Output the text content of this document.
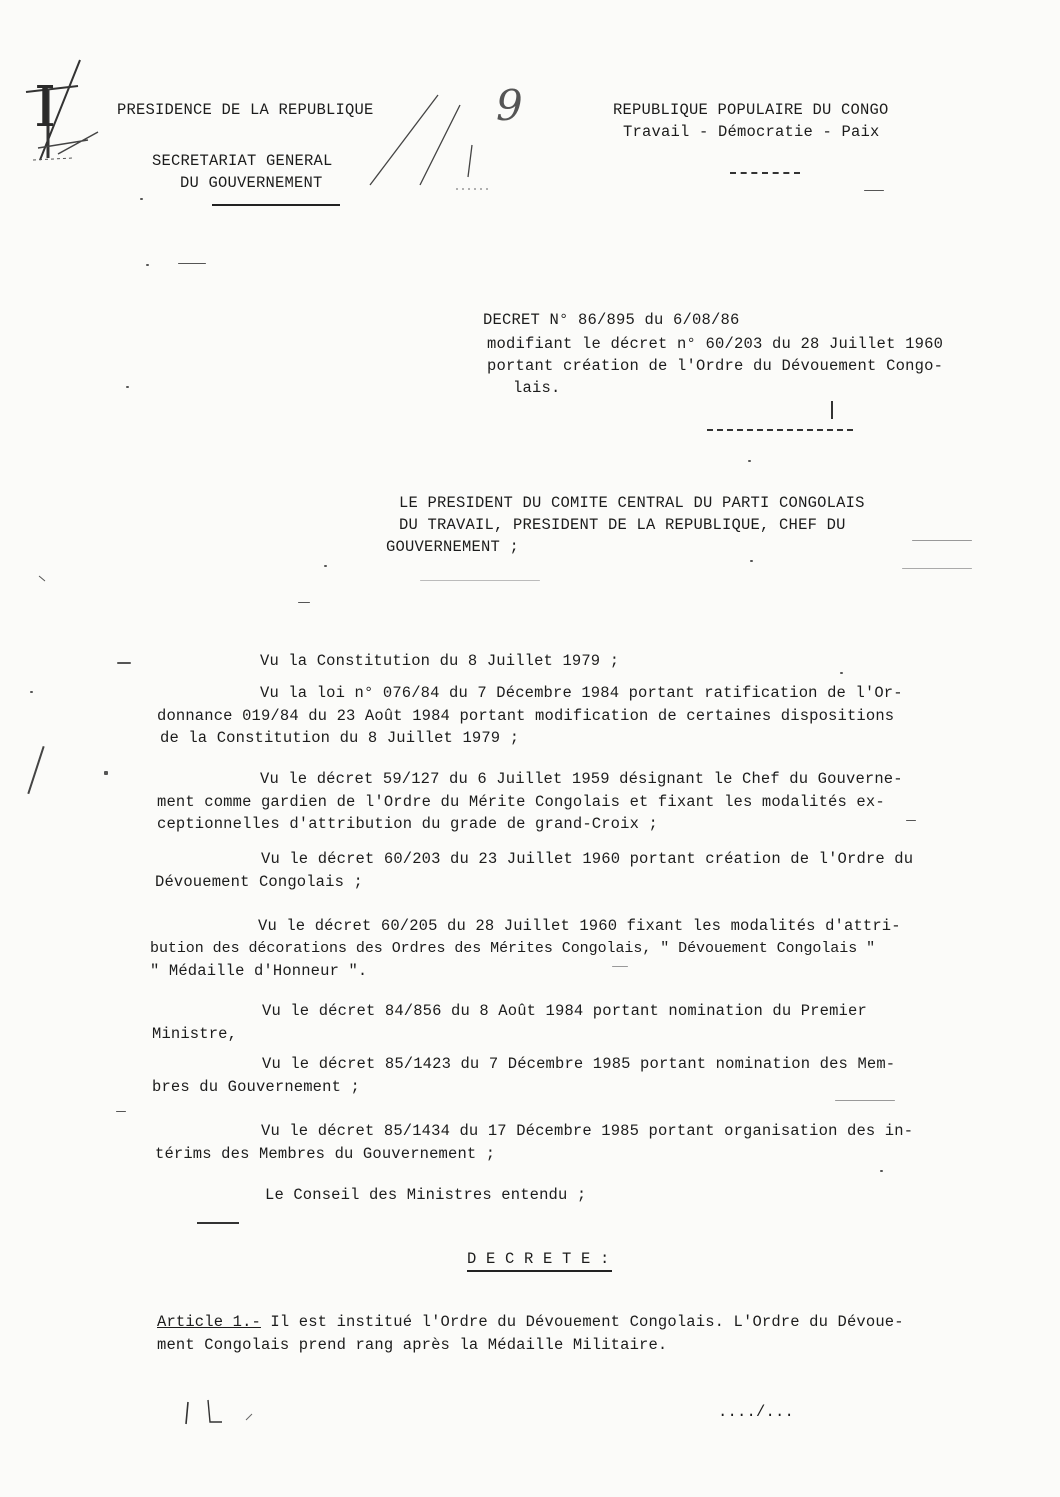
I	PRESIDENCE DE LA REPUBLIQUE
SECRETARIAT GENERAL
DU GOUVERNEMENT
9	REPUBLIQUE POPULAIRE DU CONGO
Travail - Démocratie - Paix
DECRET N° 86/895 du 6/08/86
modifiant le décret n° 60/203 du 28 Juillet 1960
portant création de l'Ordre du Dévouement Congo-
lais.
LE PRESIDENT DU COMITE CENTRAL DU PARTI CONGOLAIS
DU TRAVAIL, PRESIDENT DE LA REPUBLIQUE, CHEF DU
GOUVERNEMENT ;
Vu la Constitution du 8 Juillet 1979 ;
Vu la loi n° 076/84 du 7 Décembre 1984 portant ratification de l'Or-
donnance 019/84 du 23 Août 1984 portant modification de certaines dispositions
de la Constitution du 8 Juillet 1979 ;
Vu le décret 59/127 du 6 Juillet 1959 désignant le Chef du Gouverne-
ment comme gardien de l'Ordre du Mérite Congolais et fixant les modalités ex-
ceptionnelles d'attribution du grade de grand-Croix ;
Vu le décret 60/203 du 23 Juillet 1960 portant création de l'Ordre du
Dévouement Congolais ;
Vu le décret 60/205 du 28 Juillet 1960 fixant les modalités d'attri-
bution des décorations des Ordres des Mérites Congolais, " Dévouement Congolais "
" Médaille d'Honneur ".
Vu le décret 84/856 du 8 Août 1984 portant nomination du Premier
Ministre,
Vu le décret 85/1423 du 7 Décembre 1985 portant nomination des Mem-
bres du Gouvernement ;
Vu le décret 85/1434 du 17 Décembre 1985 portant organisation des in-
térims des Membres du Gouvernement ;
Le Conseil des Ministres entendu ;
D E C R E T E :
Article 1.- Il est institué l'Ordre du Dévouement Congolais. L'Ordre du Dévoue-
ment Congolais prend rang après la Médaille Militaire.
..../...
